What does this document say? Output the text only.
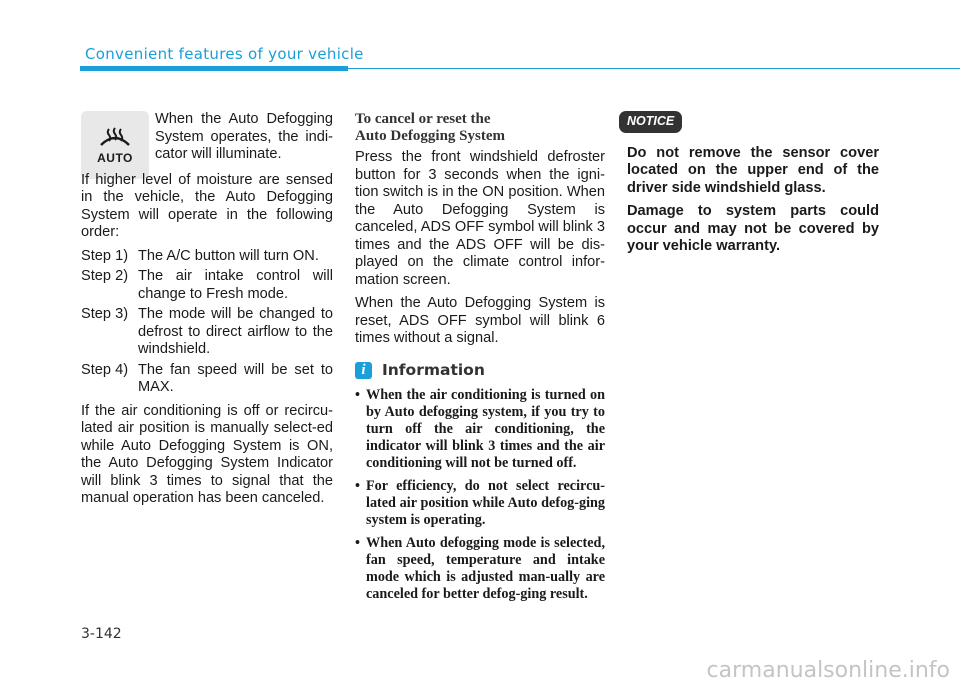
Convenient features of your vehicle
AUTO

When the Auto Defogging System operates, the indi-cator will illuminate.

If higher level of moisture are sensed in the vehicle, the Auto Defogging System will operate in the following order:

Step 1) The A/C button will turn ON.
Step 2) The air intake control will change to Fresh mode.
Step 3) The mode will be changed to defrost to direct airflow to the windshield.
Step 4) The fan speed will be set to MAX.

If the air conditioning is off or recircu-lated air position is manually select-ed while Auto Defogging System is ON, the Auto Defogging System Indicator will blink 3 times to signal that the manual operation has been canceled.

To cancel or reset the
Auto Defogging System

Press the front windshield defroster button for 3 seconds when the igni-tion switch is in the ON position. When the Auto Defogging System is canceled, ADS OFF symbol will blink 3 times and the ADS OFF will be dis-played on the climate control infor-mation screen.

When the Auto Defogging System is reset, ADS OFF symbol will blink 6 times without a signal.

i	Information
• When the air conditioning is turned on by Auto defogging system, if you try to turn off the air conditioning, the indicator will blink 3 times and the air conditioning will not be turned off.
• For efficiency, do not select recircu-lated air position while Auto defog-ging system is operating.
• When Auto defogging mode is selected, fan speed, temperature and intake mode which is adjusted man-ually are canceled for better defog-ging result.
NOTICE

Do not remove the sensor cover located on the upper end of the driver side windshield glass.

Damage to system parts could occur and may not be covered by your vehicle warranty.

3-142
carmanualsonline.info
